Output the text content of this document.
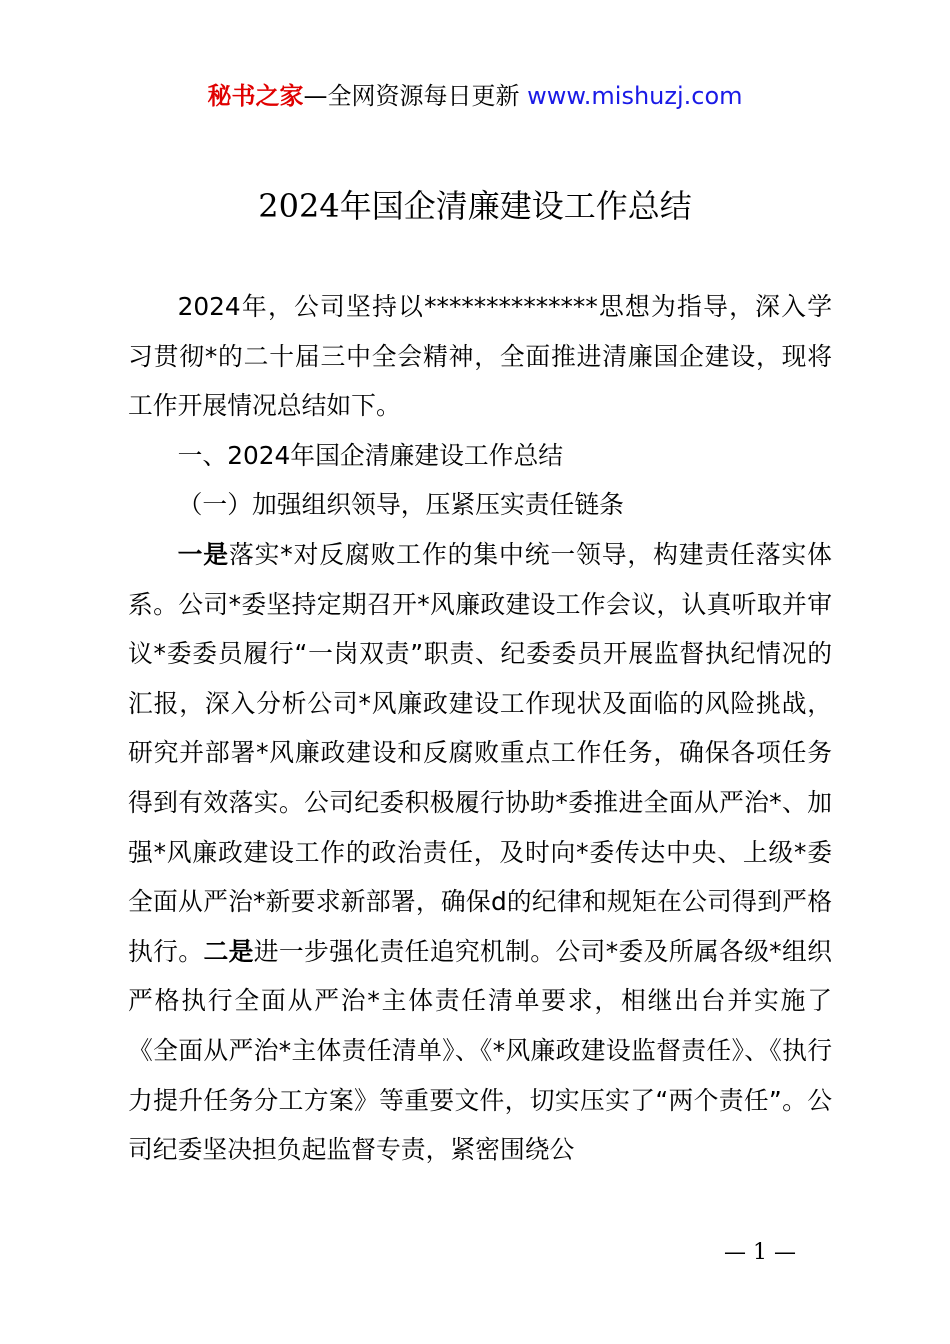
秘书之家—全网资源每日更新 www.mishuzj.com
2024年国企清廉建设工作总结

2024年，公司坚持以**************思想为指导，深入学习贯彻*的二十届三中全会精神，全面推进清廉国企建设，现将工作开展情况总结如下。

一、2024年国企清廉建设工作总结

（一）加强组织领导，压紧压实责任链条

一是落实*对反腐败工作的集中统一领导，构建责任落实体系。公司*委坚持定期召开*风廉政建设工作会议，认真听取并审议*委委员履行“一岗双责”职责、纪委委员开展监督执纪情况的汇报，深入分析公司*风廉政建设工作现状及面临的风险挑战，研究并部署*风廉政建设和反腐败重点工作任务，确保各项任务得到有效落实。公司纪委积极履行协助*委推进全面从严治*、加强*风廉政建设工作的政治责任，及时向*委传达中央、上级*委全面从严治*新要求新部署，确保d的纪律和规矩在公司得到严格执行。二是进一步强化责任追究机制。公司*委及所属各级*组织严格执行全面从严治*主体责任清单要求，相继出台并实施了《全面从严治*主体责任清单》、《*风廉政建设监督责任》、《执行力提升任务分工方案》等重要文件，切实压实了“两个责任”。公司纪委坚决担负起监督专责，紧密围绕公

— 1 —
